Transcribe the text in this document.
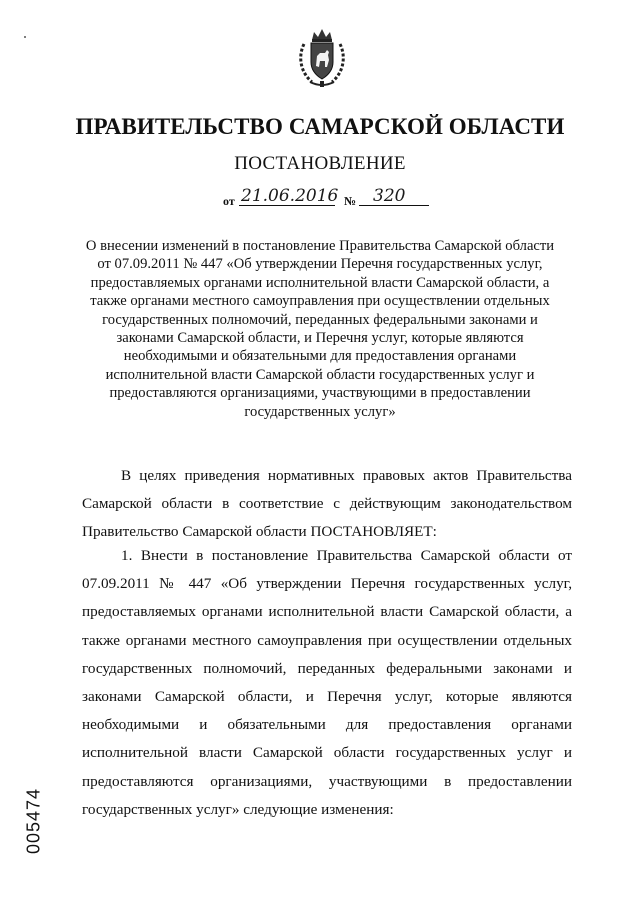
ПРАВИТЕЛЬСТВО САМАРСКОЙ ОБЛАСТИ
ПОСТАНОВЛЕНИЕ
от 21.06.2016 № 320

О внесении изменений в постановление Правительства Самарской области от 07.09.2011 № 447 «Об утверждении Перечня государственных услуг, предоставляемых органами исполнительной власти Самарской области, а также органами местного самоуправления при осуществлении отдельных государственных полномочий, переданных федеральными законами и законами Самарской области, и Перечня услуг, которые являются необходимыми и обязательными для предоставления органами исполнительной власти Самарской области государственных услуг и предоставляются организациями, участвующими в предоставлении государственных услуг»

В целях приведения нормативных правовых актов Правительства Самарской области в соответствие с действующим законодательством Правительство Самарской области ПОСТАНОВЛЯЕТ:

1. Внести в постановление Правительства Самарской области от 07.09.2011 № 447 «Об утверждении Перечня государственных услуг, предоставляемых органами исполнительной власти Самарской области, а также органами местного самоуправления при осуществлении отдельных государственных полномочий, переданных федеральными законами и законами Самарской области, и Перечня услуг, которые являются необходимыми и обязательными для предоставления органами исполнительной власти Самарской области государственных услуг и предоставляются организациями, участвующими в предоставлении государственных услуг» следующие изменения:

005474
